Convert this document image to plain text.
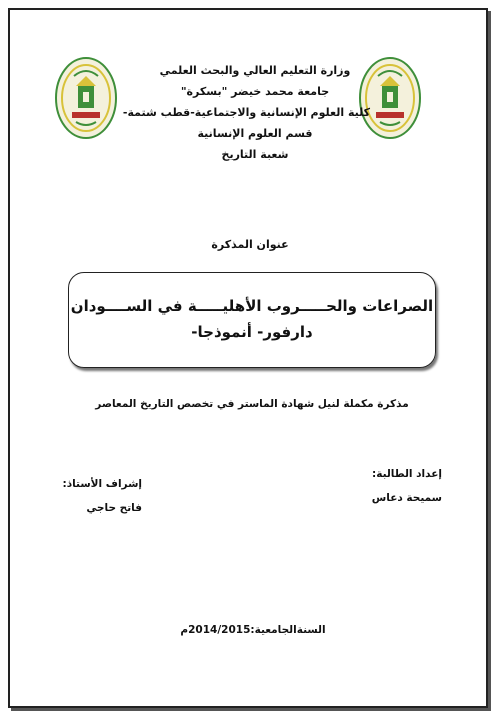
وزارة التعليم العالي والبحث العلمي
جامعة محمد خيضر "بسكرة"
كلية العلوم الإنسانية والاجتماعية-قطب شتمة-
قسم العلوم الإنسانية
شعبة التاريخ
عنوان المذكرة
الصراعات والحـــــروب الأهليـــــة في الســــودان
دارفور- أنموذجا-
مذكرة مكملة لنيل شهادة الماستر في تخصص التاريخ المعاصر
إعداد الطالبة:
سميحة دعاس
إشراف الأستاذ:
فاتح حاجي
السنةالجامعية:2014/2015م
